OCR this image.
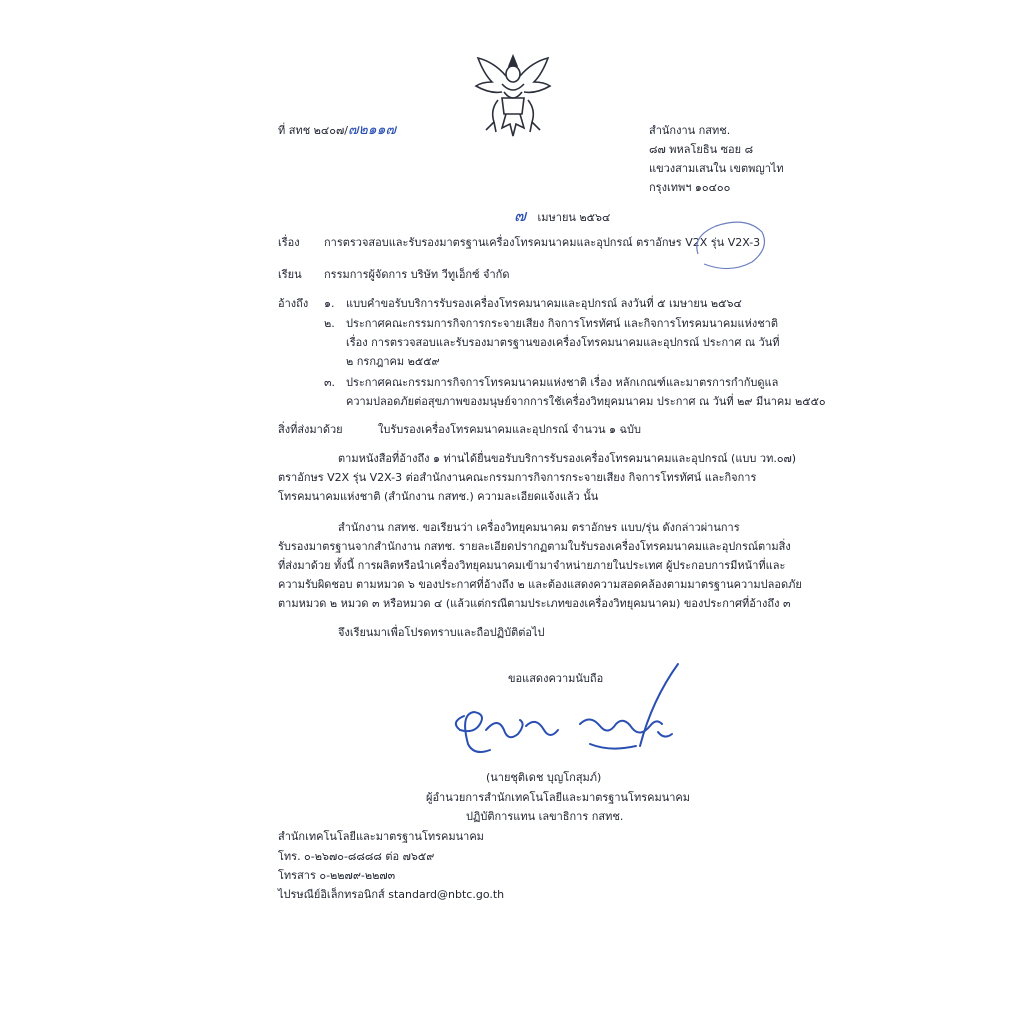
ที่ สทช ๒๔๐๗/๗๒๑๑๗	สำนักงาน กสทช.
๘๗ พหลโยธิน ซอย ๘
แขวงสามเสนใน เขตพญาไท
กรุงเทพฯ ๑๐๔๐๐
๗ เมษายน ๒๕๖๔
เรื่อง การตรวจสอบและรับรองมาตรฐานเครื่องโทรคมนาคมและอุปกรณ์ ตราอักษร V2X รุ่น V2X-3
เรียน กรรมการผู้จัดการ บริษัท วีทูเอ็กซ์ จำกัด
อ้างถึง ๑. แบบคำขอรับบริการรับรองเครื่องโทรคมนาคมและอุปกรณ์ ลงวันที่ ๕ เมษายน ๒๕๖๔
๒. ประกาศคณะกรรมการกิจการกระจายเสียง กิจการโทรทัศน์ และกิจการโทรคมนาคมแห่งชาติ
เรื่อง การตรวจสอบและรับรองมาตรฐานของเครื่องโทรคมนาคมและอุปกรณ์ ประกาศ ณ วันที่
๒ กรกฎาคม ๒๕๕๙
๓. ประกาศคณะกรรมการกิจการโทรคมนาคมแห่งชาติ เรื่อง หลักเกณฑ์และมาตรการกำกับดูแล
ความปลอดภัยต่อสุขภาพของมนุษย์จากการใช้เครื่องวิทยุคมนาคม ประกาศ ณ วันที่ ๒๙ มีนาคม ๒๕๕๐
สิ่งที่ส่งมาด้วย	ใบรับรองเครื่องโทรคมนาคมและอุปกรณ์ จำนวน ๑ ฉบับ
ตามหนังสือที่อ้างถึง ๑ ท่านได้ยื่นขอรับบริการรับรองเครื่องโทรคมนาคมและอุปกรณ์ (แบบ วท.๐๗)
ตราอักษร V2X รุ่น V2X-3 ต่อสำนักงานคณะกรรมการกิจการกระจายเสียง กิจการโทรทัศน์ และกิจการ
โทรคมนาคมแห่งชาติ (สำนักงาน กสทช.) ความละเอียดแจ้งแล้ว นั้น
สำนักงาน กสทช. ขอเรียนว่า เครื่องวิทยุคมนาคม ตราอักษร แบบ/รุ่น ดังกล่าวผ่านการ
รับรองมาตรฐานจากสำนักงาน กสทช. รายละเอียดปรากฏตามใบรับรองเครื่องโทรคมนาคมและอุปกรณ์ตามสิ่ง
ที่ส่งมาด้วย ทั้งนี้ การผลิตหรือนำเครื่องวิทยุคมนาคมเข้ามาจำหน่ายภายในประเทศ ผู้ประกอบการมีหน้าที่และ
ความรับผิดชอบ ตามหมวด ๖ ของประกาศที่อ้างถึง ๒ และต้องแสดงความสอดคล้องตามมาตรฐานความปลอดภัย
ตามหมวด ๒ หมวด ๓ หรือหมวด ๔ (แล้วแต่กรณีตามประเภทของเครื่องวิทยุคมนาคม) ของประกาศที่อ้างถึง ๓
จึงเรียนมาเพื่อโปรดทราบและถือปฏิบัติต่อไป
ขอแสดงความนับถือ
(นายชุติเดช บุญโกสุมภ์)
ผู้อำนวยการสำนักเทคโนโลยีและมาตรฐานโทรคมนาคม
ปฏิบัติการแทน เลขาธิการ กสทช.
สำนักเทคโนโลยีและมาตรฐานโทรคมนาคม
โทร. ๐-๒๖๗๐-๘๘๘๘ ต่อ ๗๖๕๙
โทรสาร ๐-๒๒๗๙-๒๒๗๓
ไปรษณีย์อิเล็กทรอนิกส์ standard@nbtc.go.th
